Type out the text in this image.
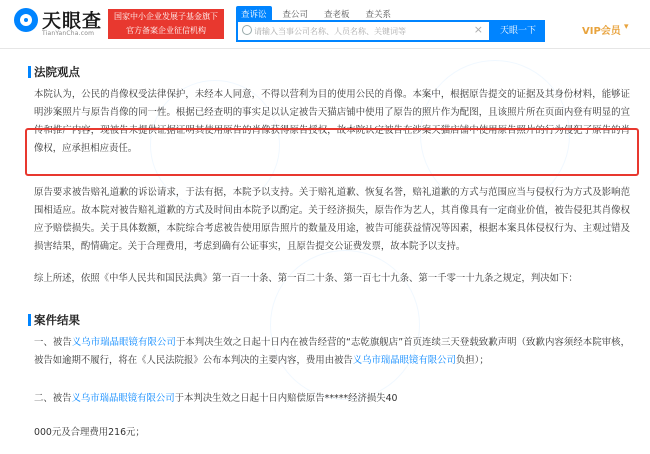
天眼查
TianYanCha.com
国家中小企业发展子基金旗下
官方备案企业征信机构
查诉讼	查公司	查老板	查关系
请输入当事公司名称、人员名称、关键词等
×	天眼一下	VIP会员 ▾
法院观点
本院认为，公民的肖像权受法律保护，未经本人同意，不得以营利为目的使用公民的肖像。本案中，根据原告提交的证据及其身份材料，能够证明涉案照片与原告肖像的同一性。根据已经查明的事实足以认定被告天猫店铺中使用了原告的照片作为配图，且该照片所在页面内登有明显的宣传和推广内容，现被告未提供证据证明其使用原告的肖像获得原告授权，故本院认定被告在涉案天猫店铺中使用原告照片的行为侵犯了原告的肖像权，应承担相应责任。
原告要求被告赔礼道歉的诉讼请求，于法有据，本院予以支持。关于赔礼道歉、恢复名誉，赔礼道歉的方式与范围应当与侵权行为方式及影响范围相适应。故本院对被告赔礼道歉的方式及时间由本院予以酌定。关于经济损失，原告作为艺人，其肖像具有一定商业价值，被告侵犯其肖像权应予赔偿损失。关于具体数额，本院综合考虑被告使用原告照片的数量及用途，被告可能获益情况等因素，根据本案具体侵权行为、主观过错及损害结果，酌情确定。关于合理费用，考虑到确有公证事实，且原告提交公证费发票，故本院予以支持。
综上所述，依照《中华人民共和国民法典》第一百一十条、第一百二十条、第一百七十九条、第一千零一十九条之规定，判决如下：
案件结果
一、被告义乌市瑞晶眼镜有限公司于本判决生效之日起十日内在被告经营的“志乾旗舰店”首页连续三天登载致歉声明（致歉内容须经本院审核，被告如逾期不履行，将在《人民法院报》公布本判决的主要内容，费用由被告义乌市瑞晶眼镜有限公司负担）；
二、被告义乌市瑞晶眼镜有限公司于本判决生效之日起十日内赔偿原告*****经济损失40
000元及合理费用216元；
